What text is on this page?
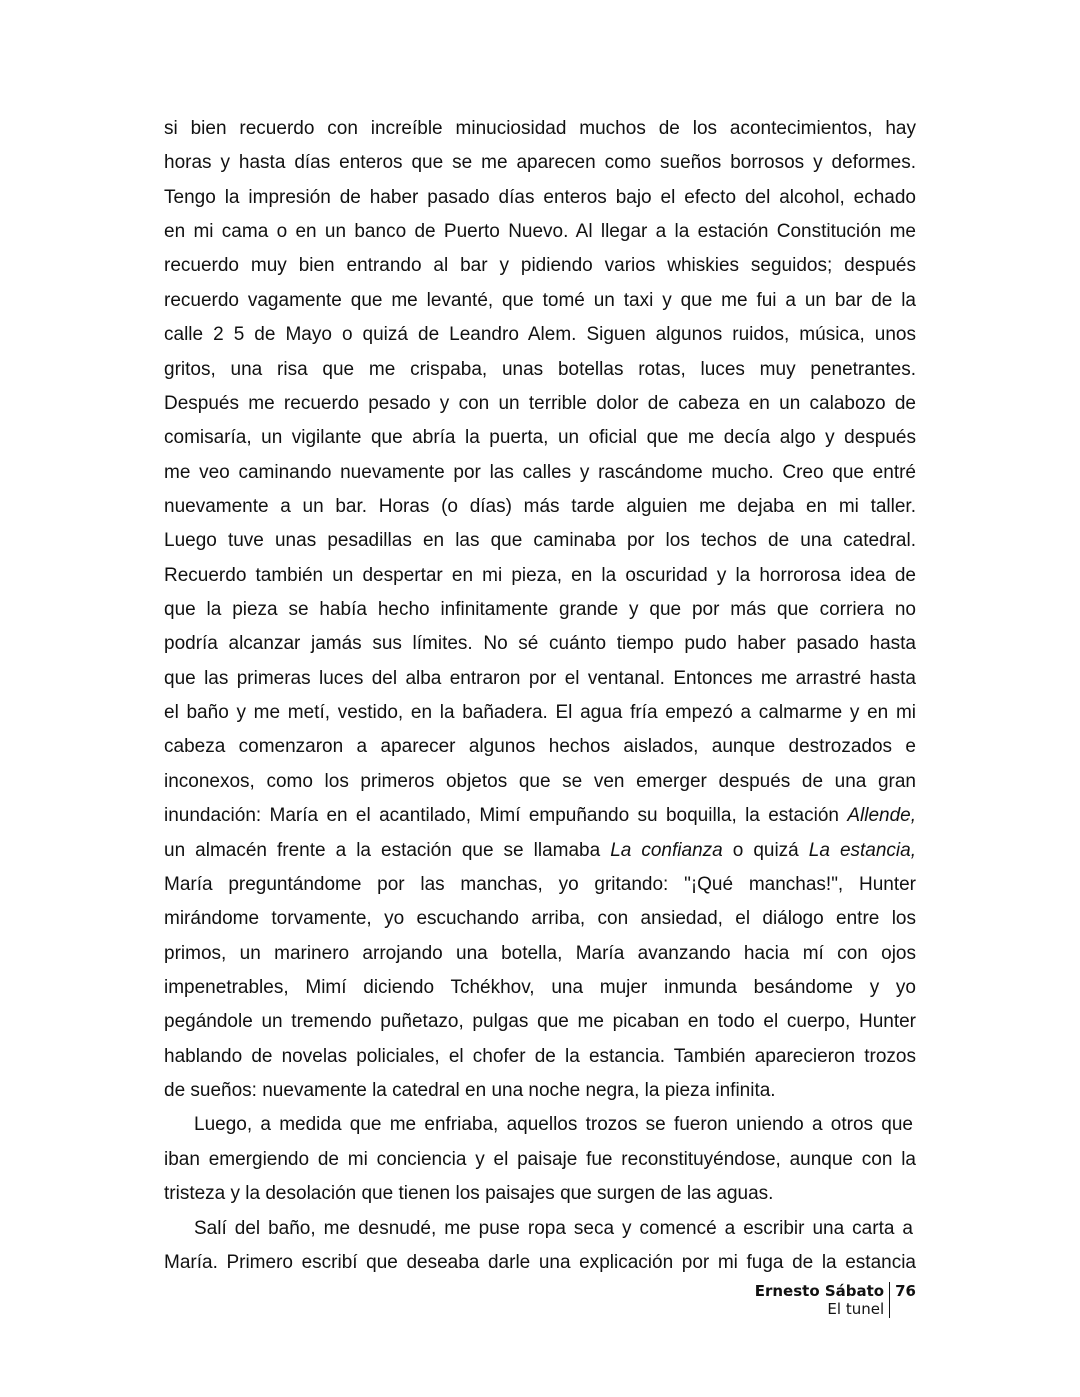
si bien recuerdo con increíble minuciosidad muchos de los acontecimientos, hay
horas y hasta días enteros que se me aparecen como sueños borrosos y deformes.
Tengo la impresión de haber pasado días enteros bajo el efecto del alcohol, echado
en mi cama o en un banco de Puerto Nuevo. Al llegar a la estación Constitución me
recuerdo muy bien entrando al bar y pidiendo varios whiskies seguidos; después
recuerdo vagamente que me levanté, que tomé un taxi y que me fui a un bar de la
calle 2 5 de Mayo o quizá de Leandro Alem. Siguen algunos ruidos, música, unos
gritos, una risa que me crispaba, unas botellas rotas, luces muy penetrantes.
Después me recuerdo pesado y con un terrible dolor de cabeza en un calabozo de
comisaría, un vigilante que abría la puerta, un oficial que me decía algo y después
me veo caminando nuevamente por las calles y rascándome mucho. Creo que entré
nuevamente a un bar. Horas (o días) más tarde alguien me dejaba en mi taller.
Luego tuve unas pesadillas en las que caminaba por los techos de una catedral.
Recuerdo también un despertar en mi pieza, en la oscuridad y la horrorosa idea de
que la pieza se había hecho infinitamente grande y que por más que corriera no
podría alcanzar jamás sus límites. No sé cuánto tiempo pudo haber pasado hasta
que las primeras luces del alba entraron por el ventanal. Entonces me arrastré hasta
el baño y me metí, vestido, en la bañadera. El agua fría empezó a calmarme y en mi
cabeza comenzaron a aparecer algunos hechos aislados, aunque destrozados e
inconexos, como los primeros objetos que se ven emerger después de una gran
inundación: María en el acantilado, Mimí empuñando su boquilla, la estación Allende,
un almacén frente a la estación que se llamaba La confianza o quizá La estancia,
María preguntándome por las manchas, yo gritando: "¡Qué manchas!", Hunter
mirándome torvamente, yo escuchando arriba, con ansiedad, el diálogo entre los
primos, un marinero arrojando una botella, María avanzando hacia mí con ojos
impenetrables, Mimí diciendo Tchékhov, una mujer inmunda besándome y yo
pegándole un tremendo puñetazo, pulgas que me picaban en todo el cuerpo, Hunter
hablando de novelas policiales, el chofer de la estancia. También aparecieron trozos
de sueños: nuevamente la catedral en una noche negra, la pieza infinita.
Luego, a medida que me enfriaba, aquellos trozos se fueron uniendo a otros que
iban emergiendo de mi conciencia y el paisaje fue reconstituyéndose, aunque con la
tristeza y la desolación que tienen los paisajes que surgen de las aguas.
Salí del baño, me desnudé, me puse ropa seca y comencé a escribir una carta a
María. Primero escribí que deseaba darle una explicación por mi fuga de la estancia
Ernesto Sábato
El tunel
76
